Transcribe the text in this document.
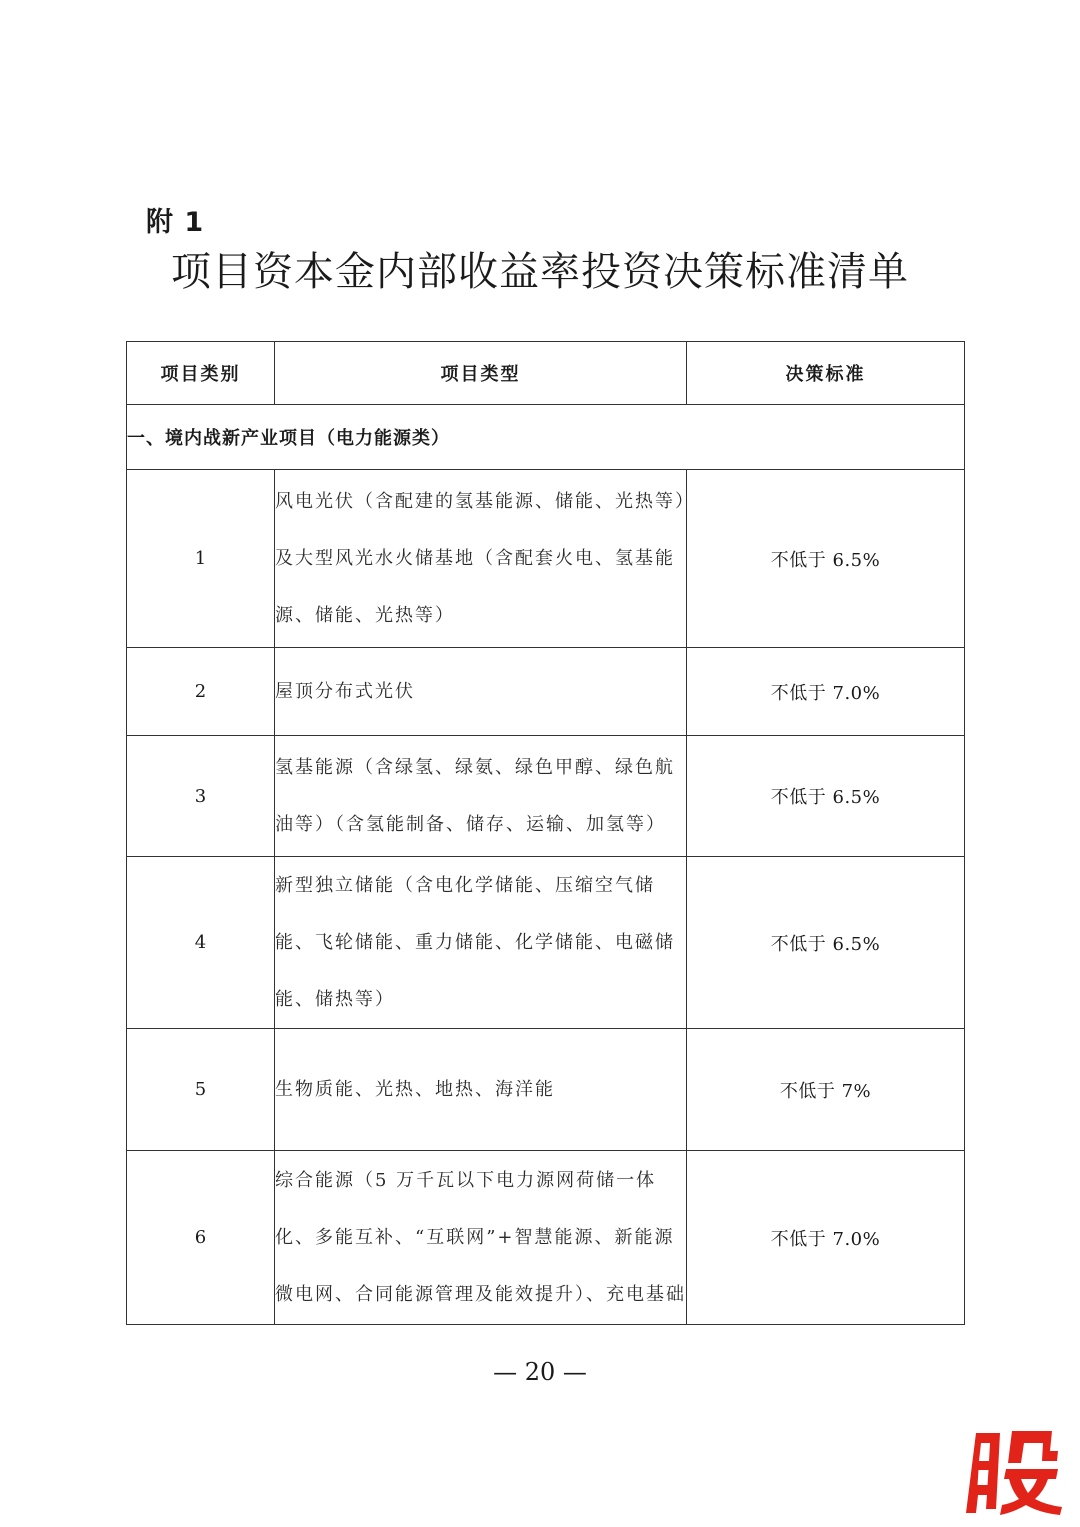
附 1
项目资本金内部收益率投资决策标准清单
项目类别	项目类型	决策标准
一、境内战新产业项目（电力能源类）		
1	风电光伏（含配建的氢基能源、储能、光热等）及大型风光水火储基地（含配套火电、氢基能源、储能、光热等）	不低于 6.5%
2	屋顶分布式光伏	不低于 7.0%
3	氢基能源（含绿氢、绿氨、绿色甲醇、绿色航油等）（含氢能制备、储存、运输、加氢等）	不低于 6.5%
4	新型独立储能（含电化学储能、压缩空气储能、飞轮储能、重力储能、化学储能、电磁储能、储热等）	不低于 6.5%
5	生物质能、光热、地热、海洋能	不低于 7%
6	综合能源（5 万千瓦以下电力源网荷储一体化、多能互补、“互联网”+智慧能源、新能源微电网、合同能源管理及能效提升）、充电基础	不低于 7.0%
— 20 —
